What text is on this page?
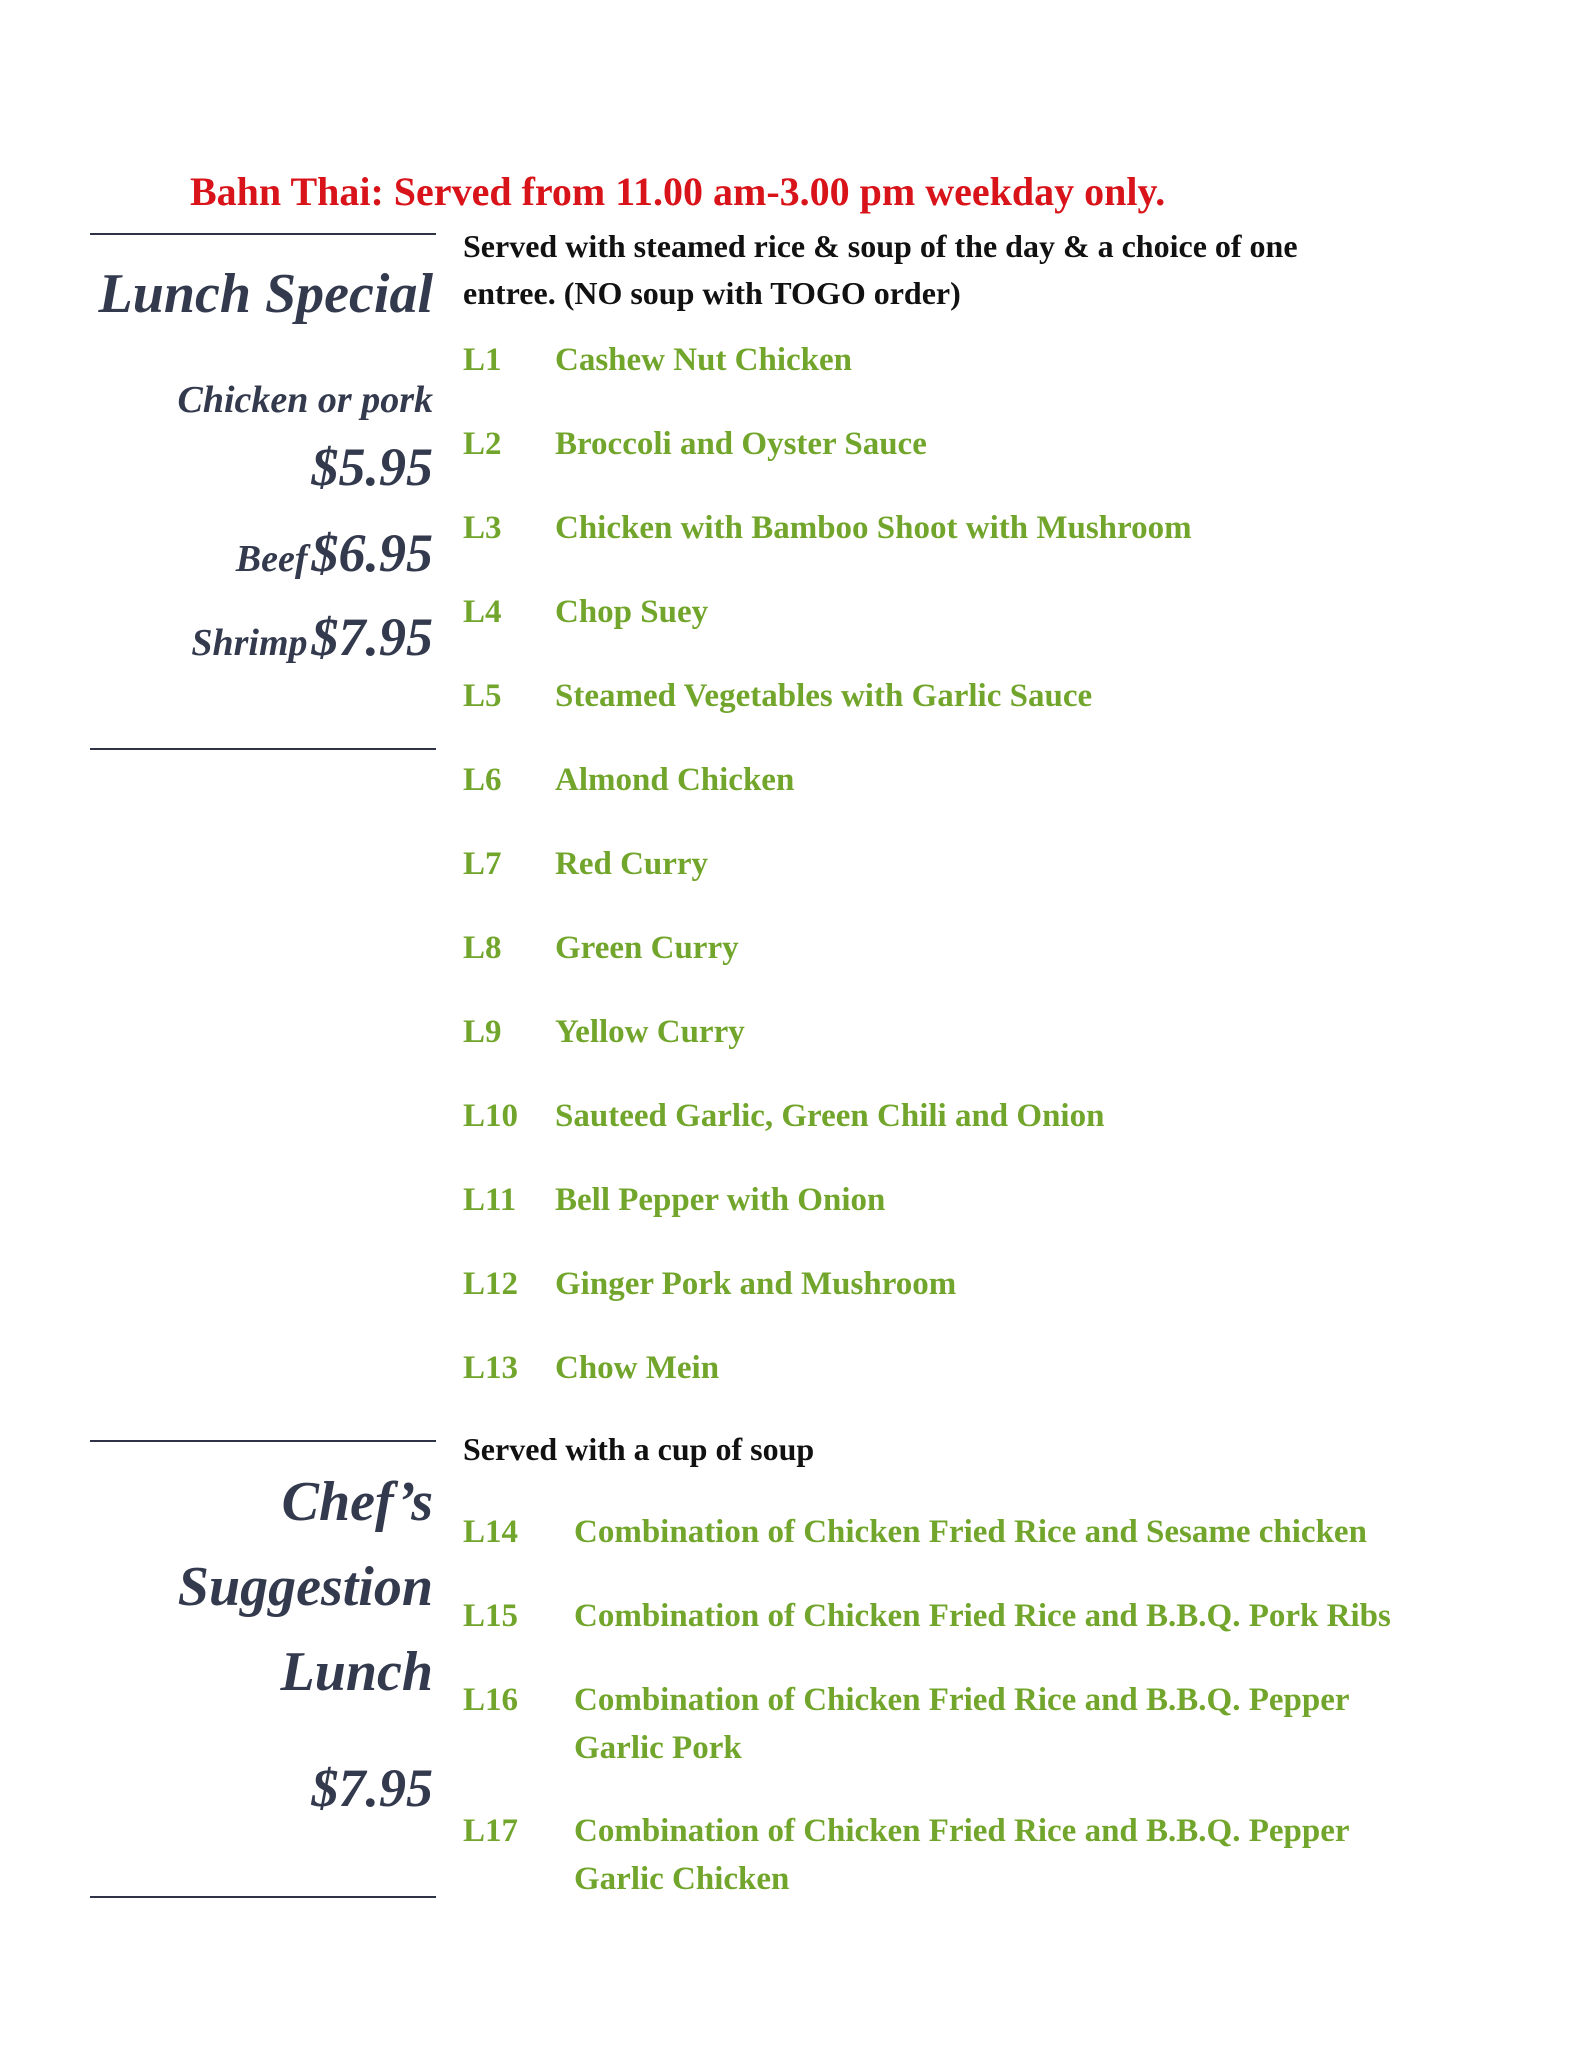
Bahn Thai: Served from 11.00 am-3.00 pm weekday only.
Lunch Special
Chicken or pork
$5.95
Beef $6.95
Shrimp $7.95
Served with steamed rice & soup of the day & a choice of one
entree. (NO soup with TOGO order)
L1 Cashew Nut Chicken
L2 Broccoli and Oyster Sauce
L3 Chicken with Bamboo Shoot with Mushroom
L4 Chop Suey
L5 Steamed Vegetables with Garlic Sauce
L6 Almond Chicken
L7 Red Curry
L8 Green Curry
L9 Yellow Curry
L10 Sauteed Garlic, Green Chili and Onion
L11 Bell Pepper with Onion
L12 Ginger Pork and Mushroom
L13 Chow Mein
Chef’s
Suggestion
Lunch
$7.95
Served with a cup of soup
L14 Combination of Chicken Fried Rice and Sesame chicken
L15 Combination of Chicken Fried Rice and B.B.Q. Pork Ribs
L16 Combination of Chicken Fried Rice and B.B.Q. Pepper
Garlic Pork
L17 Combination of Chicken Fried Rice and B.B.Q. Pepper
Garlic Chicken
